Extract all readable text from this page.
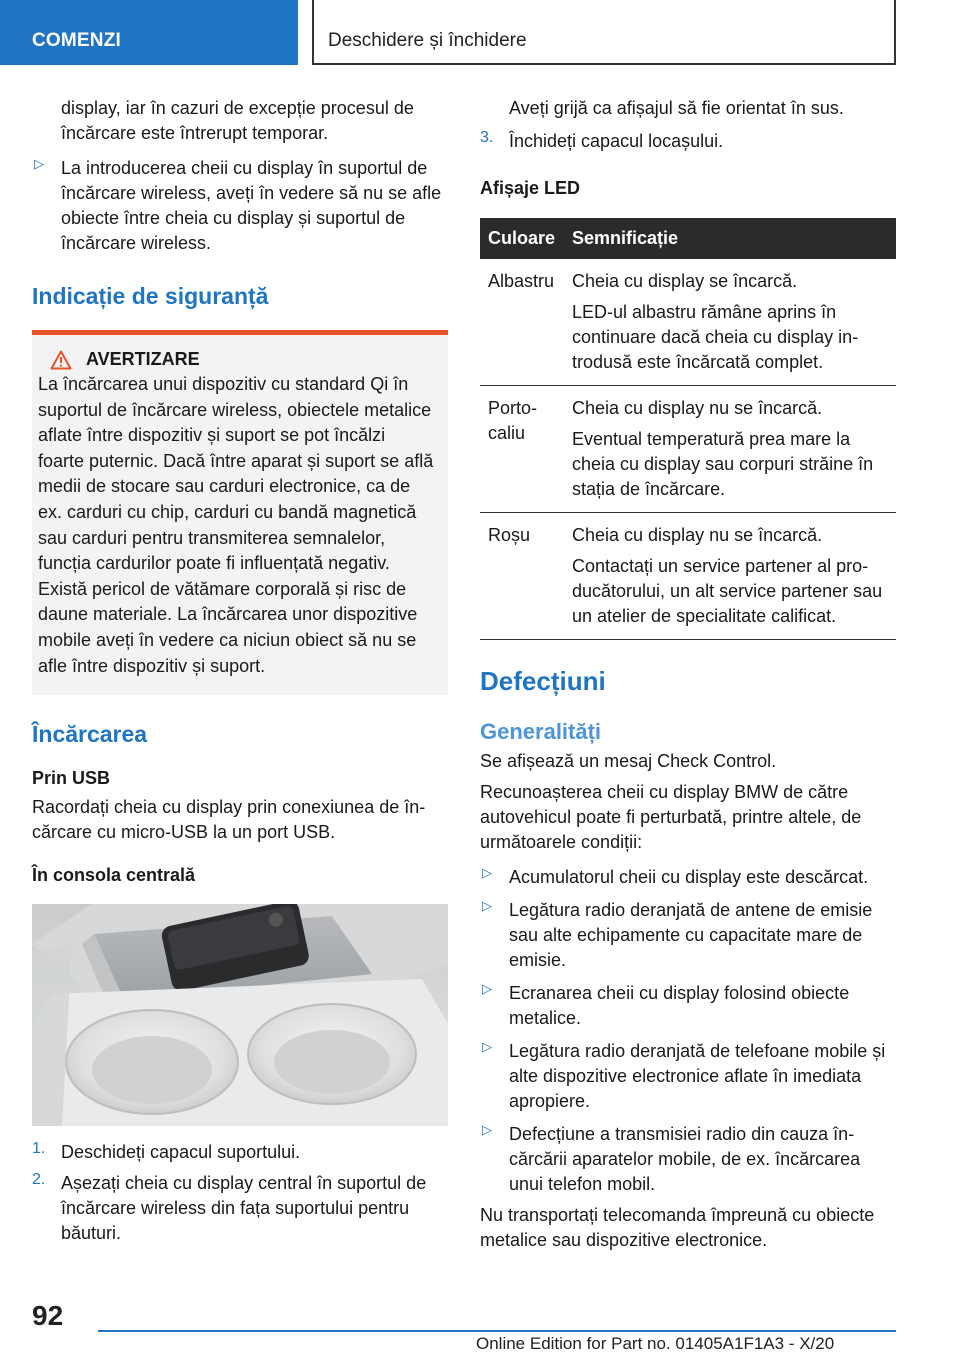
COMENZI	Deschidere și închidere

display, iar în cazuri de excepție procesul de încărcare este întrerupt temporar.

▷ La introducerea cheii cu display în suportul de încărcare wireless, aveți în vedere să nu se afle obiecte între cheia cu display și suportul de încărcare wireless.

Indicație de siguranță
AVERTIZARE

La încărcarea unui dispozitiv cu standard Qi în suportul de încărcare wireless, obiectele metalice aflate între dispozitiv și suport se pot încălzi foarte puternic. Dacă între aparat și suport se află medii de stocare sau carduri electronice, ca de ex. carduri cu chip, carduri cu bandă magnetică sau carduri pentru transmiterea semnalelor, funcția cardurilor poate fi influențată negativ. Există pericol de vătămare corporală și risc de daune materiale. La încărcarea unor dispozitive mobile aveți în vedere ca niciun obiect să nu se afle între dispozitiv și suport.

Încărcarea
Prin USB

Racordați cheia cu display prin conexiunea de încărcare cu micro-USB la un port USB.

În consola centrală
1. Deschideți capacul suportului.

2. Așezați cheia cu display central în suportul de încărcare wireless din fața suportului pentru băuturi.

Aveți grijă ca afișajul să fie orientat în sus.

3. Închideți capacul locașului.

Afișaje LED
Culoare	Semnificație
Albastru	Cheia cu display se încarcă.

LED-ul albastru rămâne aprins în continuare dacă cheia cu display introdusă este încărcată complet.

Portocaliu	Cheia cu display nu se încarcă.

Eventual temperatură prea mare la cheia cu display sau corpuri străine în stația de încărcare.

Roșu	Cheia cu display nu se încarcă.

Contactați un service partener al producătorului, un alt service partener sau un atelier de specialitate calificat.

Defecțiuni
Generalități

Se afișează un mesaj Check Control.

Recunoașterea cheii cu display BMW de către autovehicul poate fi perturbată, printre altele, de următoarele condiții:

▷ Acumulatorul cheii cu display este descărcat.

▷ Legătura radio deranjată de antene de emisie sau alte echipamente cu capacitate mare de emisie.

▷ Ecranarea cheii cu display folosind obiecte metalice.

▷ Legătura radio deranjată de telefoane mobile și alte dispozitive electronice aflate în imediata apropiere.

▷ Defecțiune a transmisiei radio din cauza încărcării aparatelor mobile, de ex. încărcarea unui telefon mobil.

Nu transportați telecomanda împreună cu obiecte metalice sau dispozitive electronice.

92
Online Edition for Part no. 01405A1F1A3 - X/20
